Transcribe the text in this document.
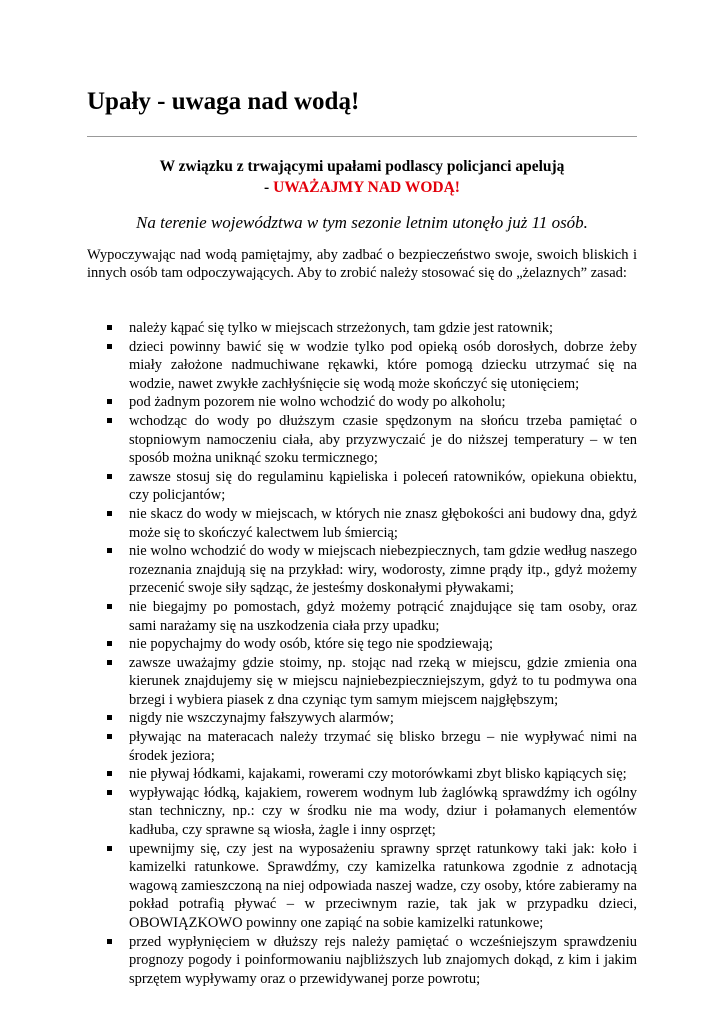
Upały - uwaga nad wodą!

W związku z trwającymi upałami podlascy policjanci apelują
- UWAŻAJMY NAD WODĄ!

Na terenie województwa w tym sezonie letnim utonęło już 11 osób.

Wypoczywając nad wodą pamiętajmy, aby zadbać o bezpieczeństwo swoje, swoich bliskich i innych osób tam odpoczywających. Aby to zrobić należy stosować się do „żelaznych” zasad:

należy kąpać się tylko w miejscach strzeżonych, tam gdzie jest ratownik;
dzieci powinny bawić się w wodzie tylko pod opieką osób dorosłych, dobrze żeby miały założone nadmuchiwane rękawki, które pomogą dziecku utrzymać się na wodzie, nawet zwykłe zachłyśnięcie się wodą może skończyć się utonięciem;
pod żadnym pozorem nie wolno wchodzić do wody po alkoholu;
wchodząc do wody po dłuższym czasie spędzonym na słońcu trzeba pamiętać o stopniowym namoczeniu ciała, aby przyzwyczaić je do niższej temperatury – w ten sposób można uniknąć szoku termicznego;
zawsze stosuj się do regulaminu kąpieliska i poleceń ratowników, opiekuna obiektu, czy policjantów;
nie skacz do wody w miejscach, w których nie znasz głębokości ani budowy dna, gdyż może się to skończyć kalectwem lub śmiercią;
nie wolno wchodzić do wody w miejscach niebezpiecznych, tam gdzie według naszego rozeznania znajdują się na przykład: wiry, wodorosty, zimne prądy itp., gdyż możemy przecenić swoje siły sądząc, że jesteśmy doskonałymi pływakami;
nie biegajmy po pomostach, gdyż możemy potrącić znajdujące się tam osoby, oraz sami narażamy się na uszkodzenia ciała przy upadku;
nie popychajmy do wody osób, które się tego nie spodziewają;
zawsze uważajmy gdzie stoimy, np. stojąc nad rzeką w miejscu, gdzie zmienia ona kierunek znajdujemy się w miejscu najniebezpieczniejszym, gdyż to tu podmywa ona brzegi i wybiera piasek z dna czyniąc tym samym miejscem najgłębszym;
nigdy nie wszczynajmy fałszywych alarmów;
pływając na materacach należy trzymać się blisko brzegu – nie wypływać nimi na środek jeziora;
nie pływaj łódkami, kajakami, rowerami czy motorówkami zbyt blisko kąpiących się;
wypływając łódką, kajakiem, rowerem wodnym lub żaglówką sprawdźmy ich ogólny stan techniczny, np.: czy w środku nie ma wody, dziur i połamanych elementów kadłuba, czy sprawne są wiosła, żagle i inny osprzęt;
upewnijmy się, czy jest na wyposażeniu sprawny sprzęt ratunkowy taki jak: koło i kamizelki ratunkowe. Sprawdźmy, czy kamizelka ratunkowa zgodnie z adnotacją wagową zamieszczoną na niej odpowiada naszej wadze, czy osoby, które zabieramy na pokład potrafią pływać – w przeciwnym razie, tak jak w przypadku dzieci, OBOWIĄZKOWO powinny one zapiąć na sobie kamizelki ratunkowe;
przed wypłynięciem w dłuższy rejs należy pamiętać o wcześniejszym sprawdzeniu prognozy pogody i poinformowaniu najbliższych lub znajomych dokąd, z kim i jakim sprzętem wypływamy oraz o przewidywanej porze powrotu;
